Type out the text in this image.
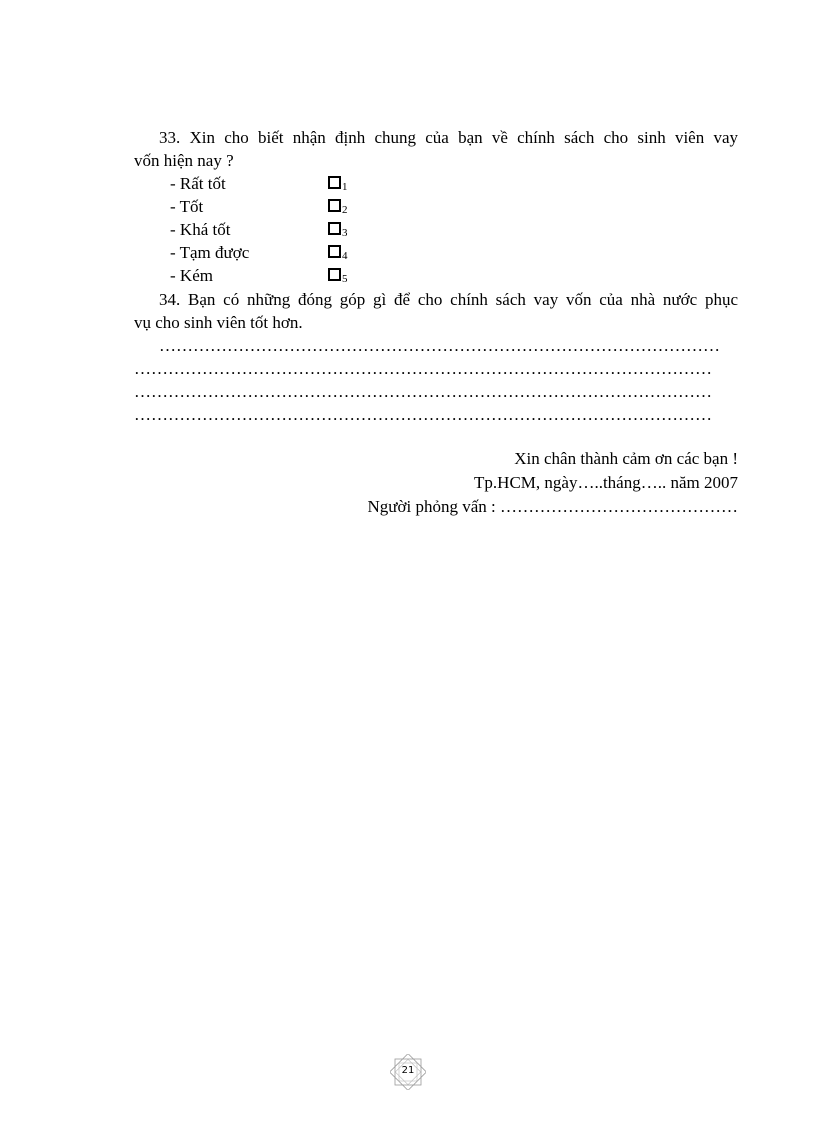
33. Xin cho biết nhận định chung của bạn về chính sách cho sinh viên vay
vốn hiện nay ?
- Rất tốt	1
- Tốt	2
- Khá tốt	3
- Tạm được	4
- Kém	5
34. Bạn có những đóng góp gì để cho chính sách vay vốn của nhà nước phục
vụ cho sinh viên tốt hơn.
………………………………………………………………………………………
…………………………………………………………………………………………
…………………………………………………………………………………………
…………………………………………………………………………………………
Xin chân thành cảm ơn các bạn !
Tp.HCM, ngày…..tháng….. năm 2007
Người phỏng vấn : ……………………………………
21
